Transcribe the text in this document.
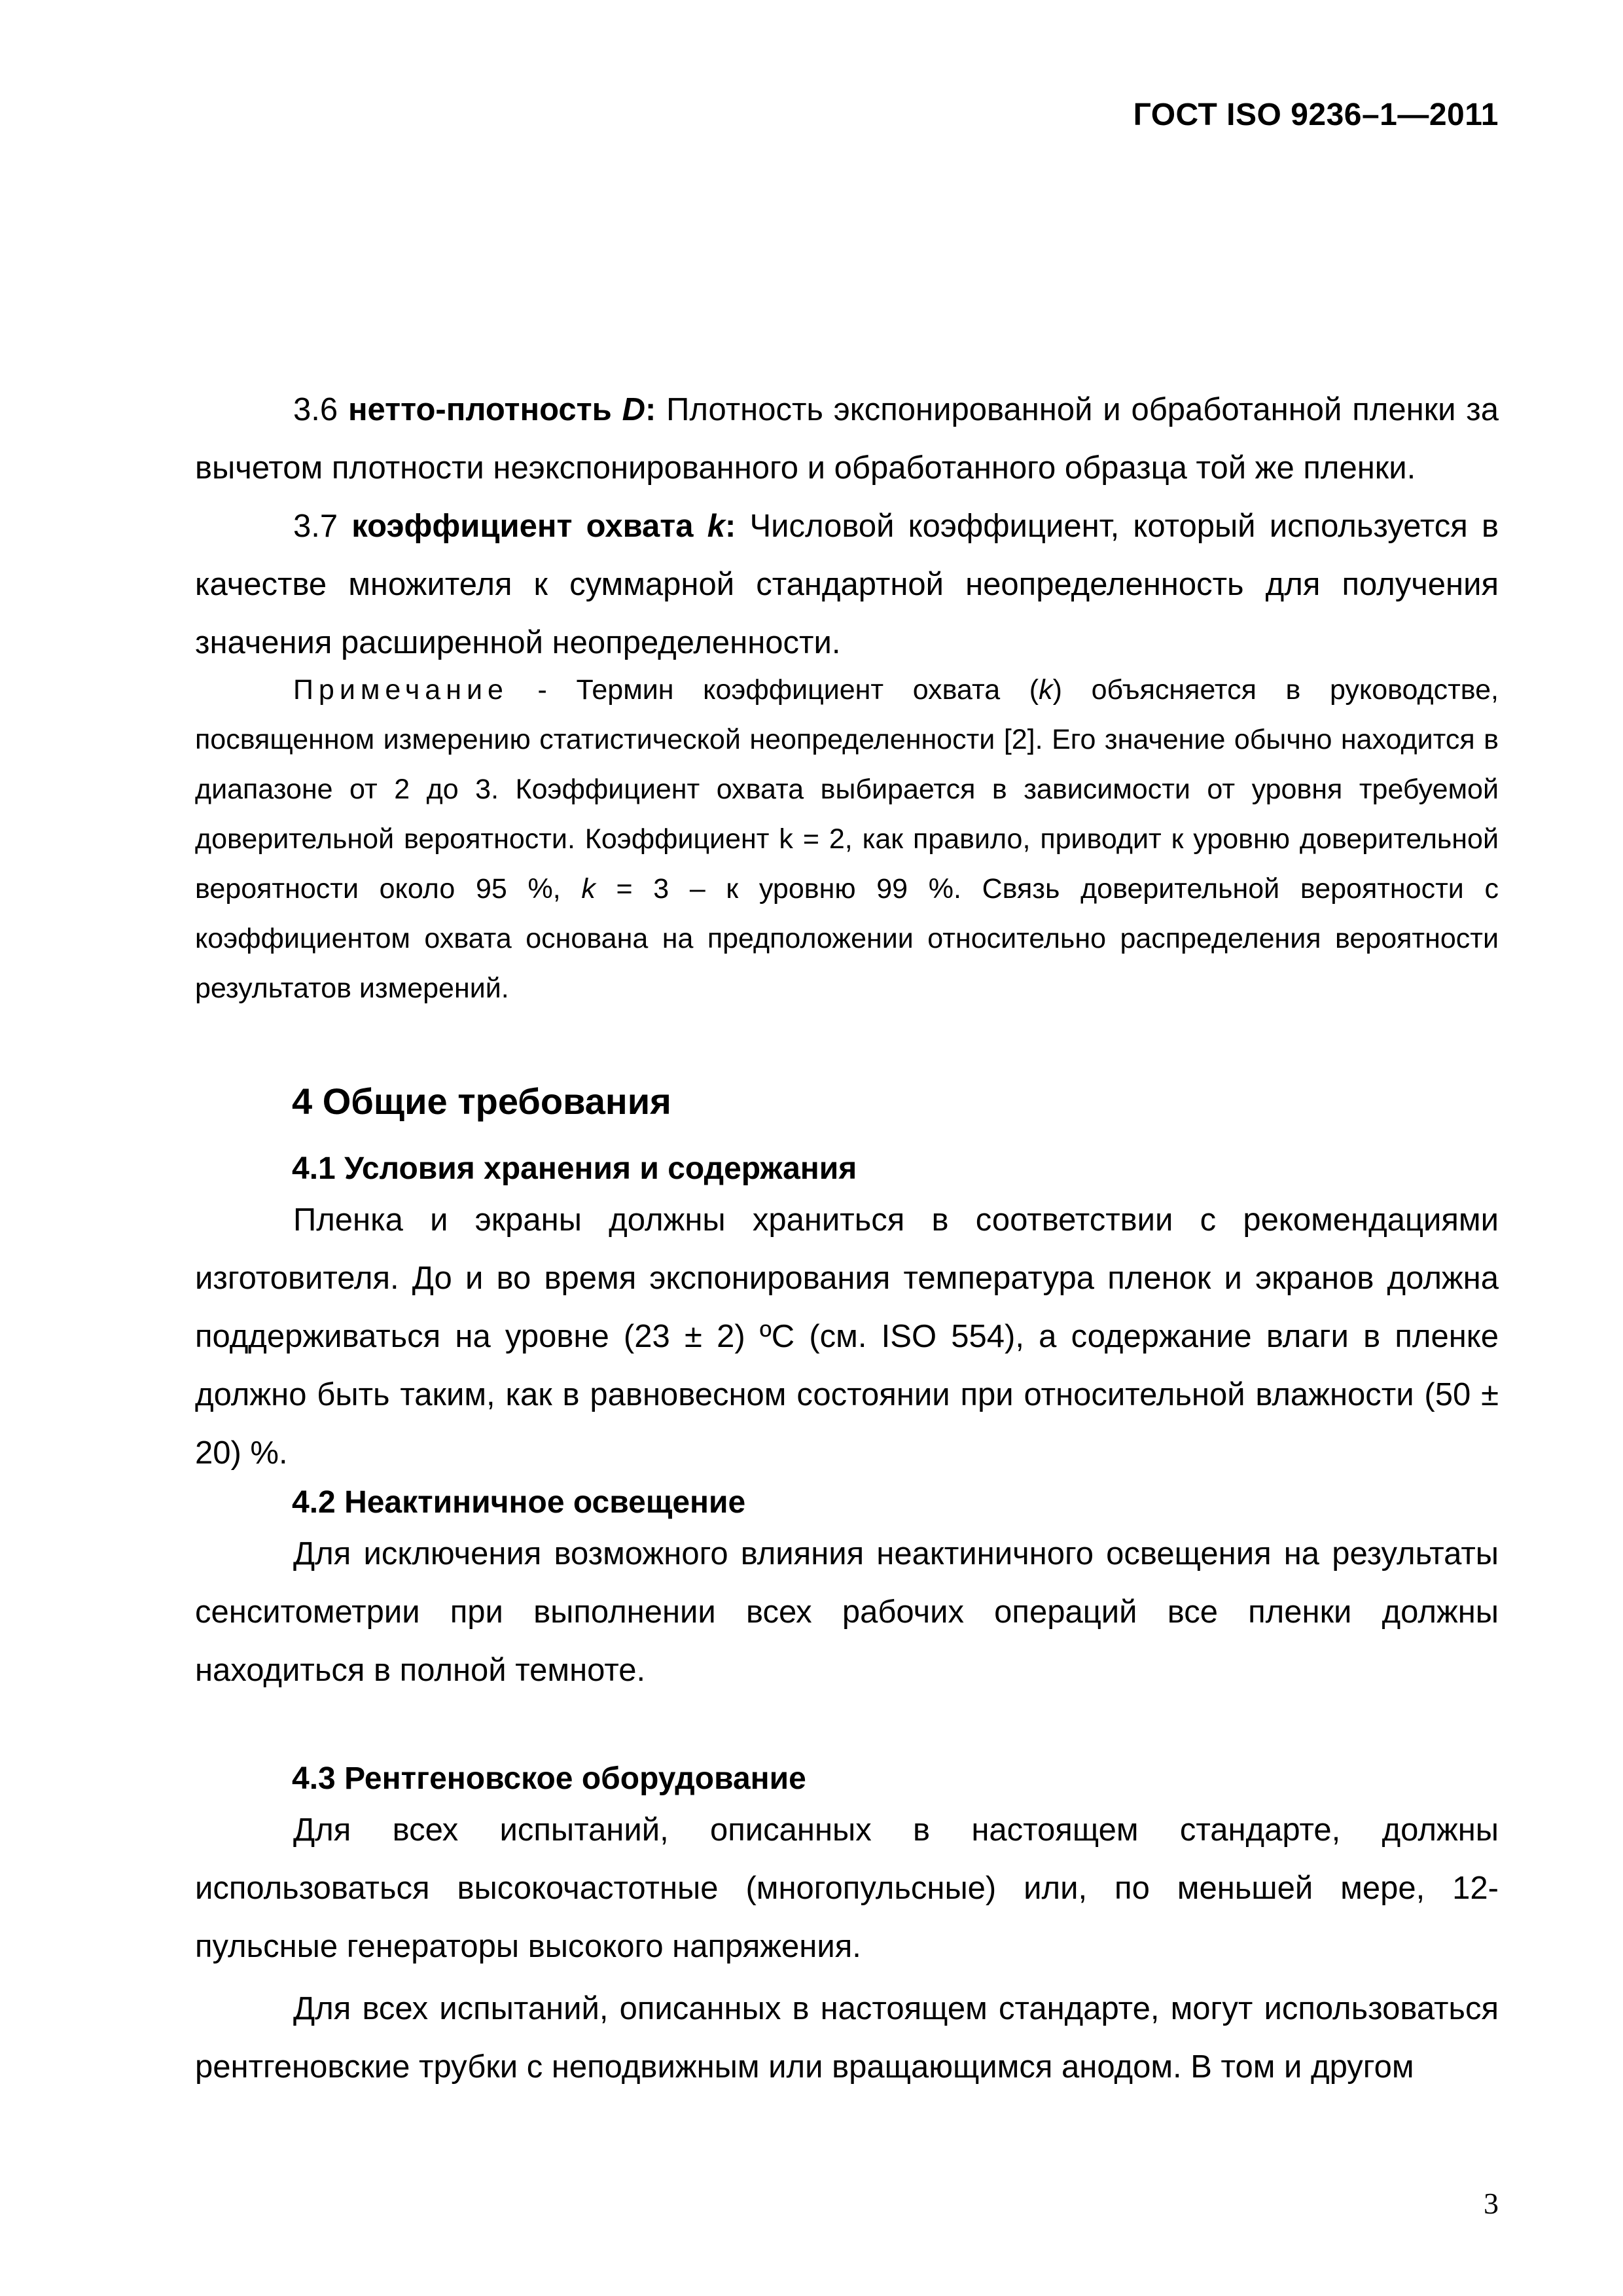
ГОСТ ISO 9236–1—2011

3.6 нетто-плотность D: Плотность экспонированной и обработанной пленки за вычетом плотности неэкспонированного и обработанного образца той же пленки.

3.7 коэффициент охвата k: Числовой коэффициент, который используется в качестве множителя к суммарной стандартной неопределенность для получения значения расширенной неопределенности.

Примечание - Термин коэффициент охвата (k) объясняется в руководстве, посвященном измерению статистической неопределенности [2]. Его значение обычно находится в диапазоне от 2 до 3. Коэффициент охвата выбирается в зависимости от уровня требуемой доверительной вероятности. Коэффициент k = 2, как правило, приводит к уровню доверительной вероятности около 95 %, k = 3 – к уровню 99 %. Связь доверительной вероятности с коэффициентом охвата основана на предположении относительно распределения вероятности результатов измерений.

4 Общие требования
4.1 Условия хранения и содержания

Пленка и экраны должны храниться в соответствии с рекомендациями изготовителя. До и во время экспонирования температура пленок и экранов должна поддерживаться на уровне (23 ± 2) ºС (см. ISO 554), а содержание влаги в пленке должно быть таким, как в равновесном состоянии при относительной влажности (50 ± 20) %.

4.2 Неактиничное освещение

Для исключения возможного влияния неактиничного освещения на результаты сенситометрии при выполнении всех рабочих операций все пленки должны находиться в полной темноте.

4.3 Рентгеновское оборудование

Для всех испытаний, описанных в настоящем стандарте, должны использоваться высокочастотные (многопульсные) или, по меньшей мере, 12- пульсные генераторы высокого напряжения.

Для всех испытаний, описанных в настоящем стандарте, могут использоваться рентгеновские трубки с неподвижным или вращающимся анодом. В том и другом

3
